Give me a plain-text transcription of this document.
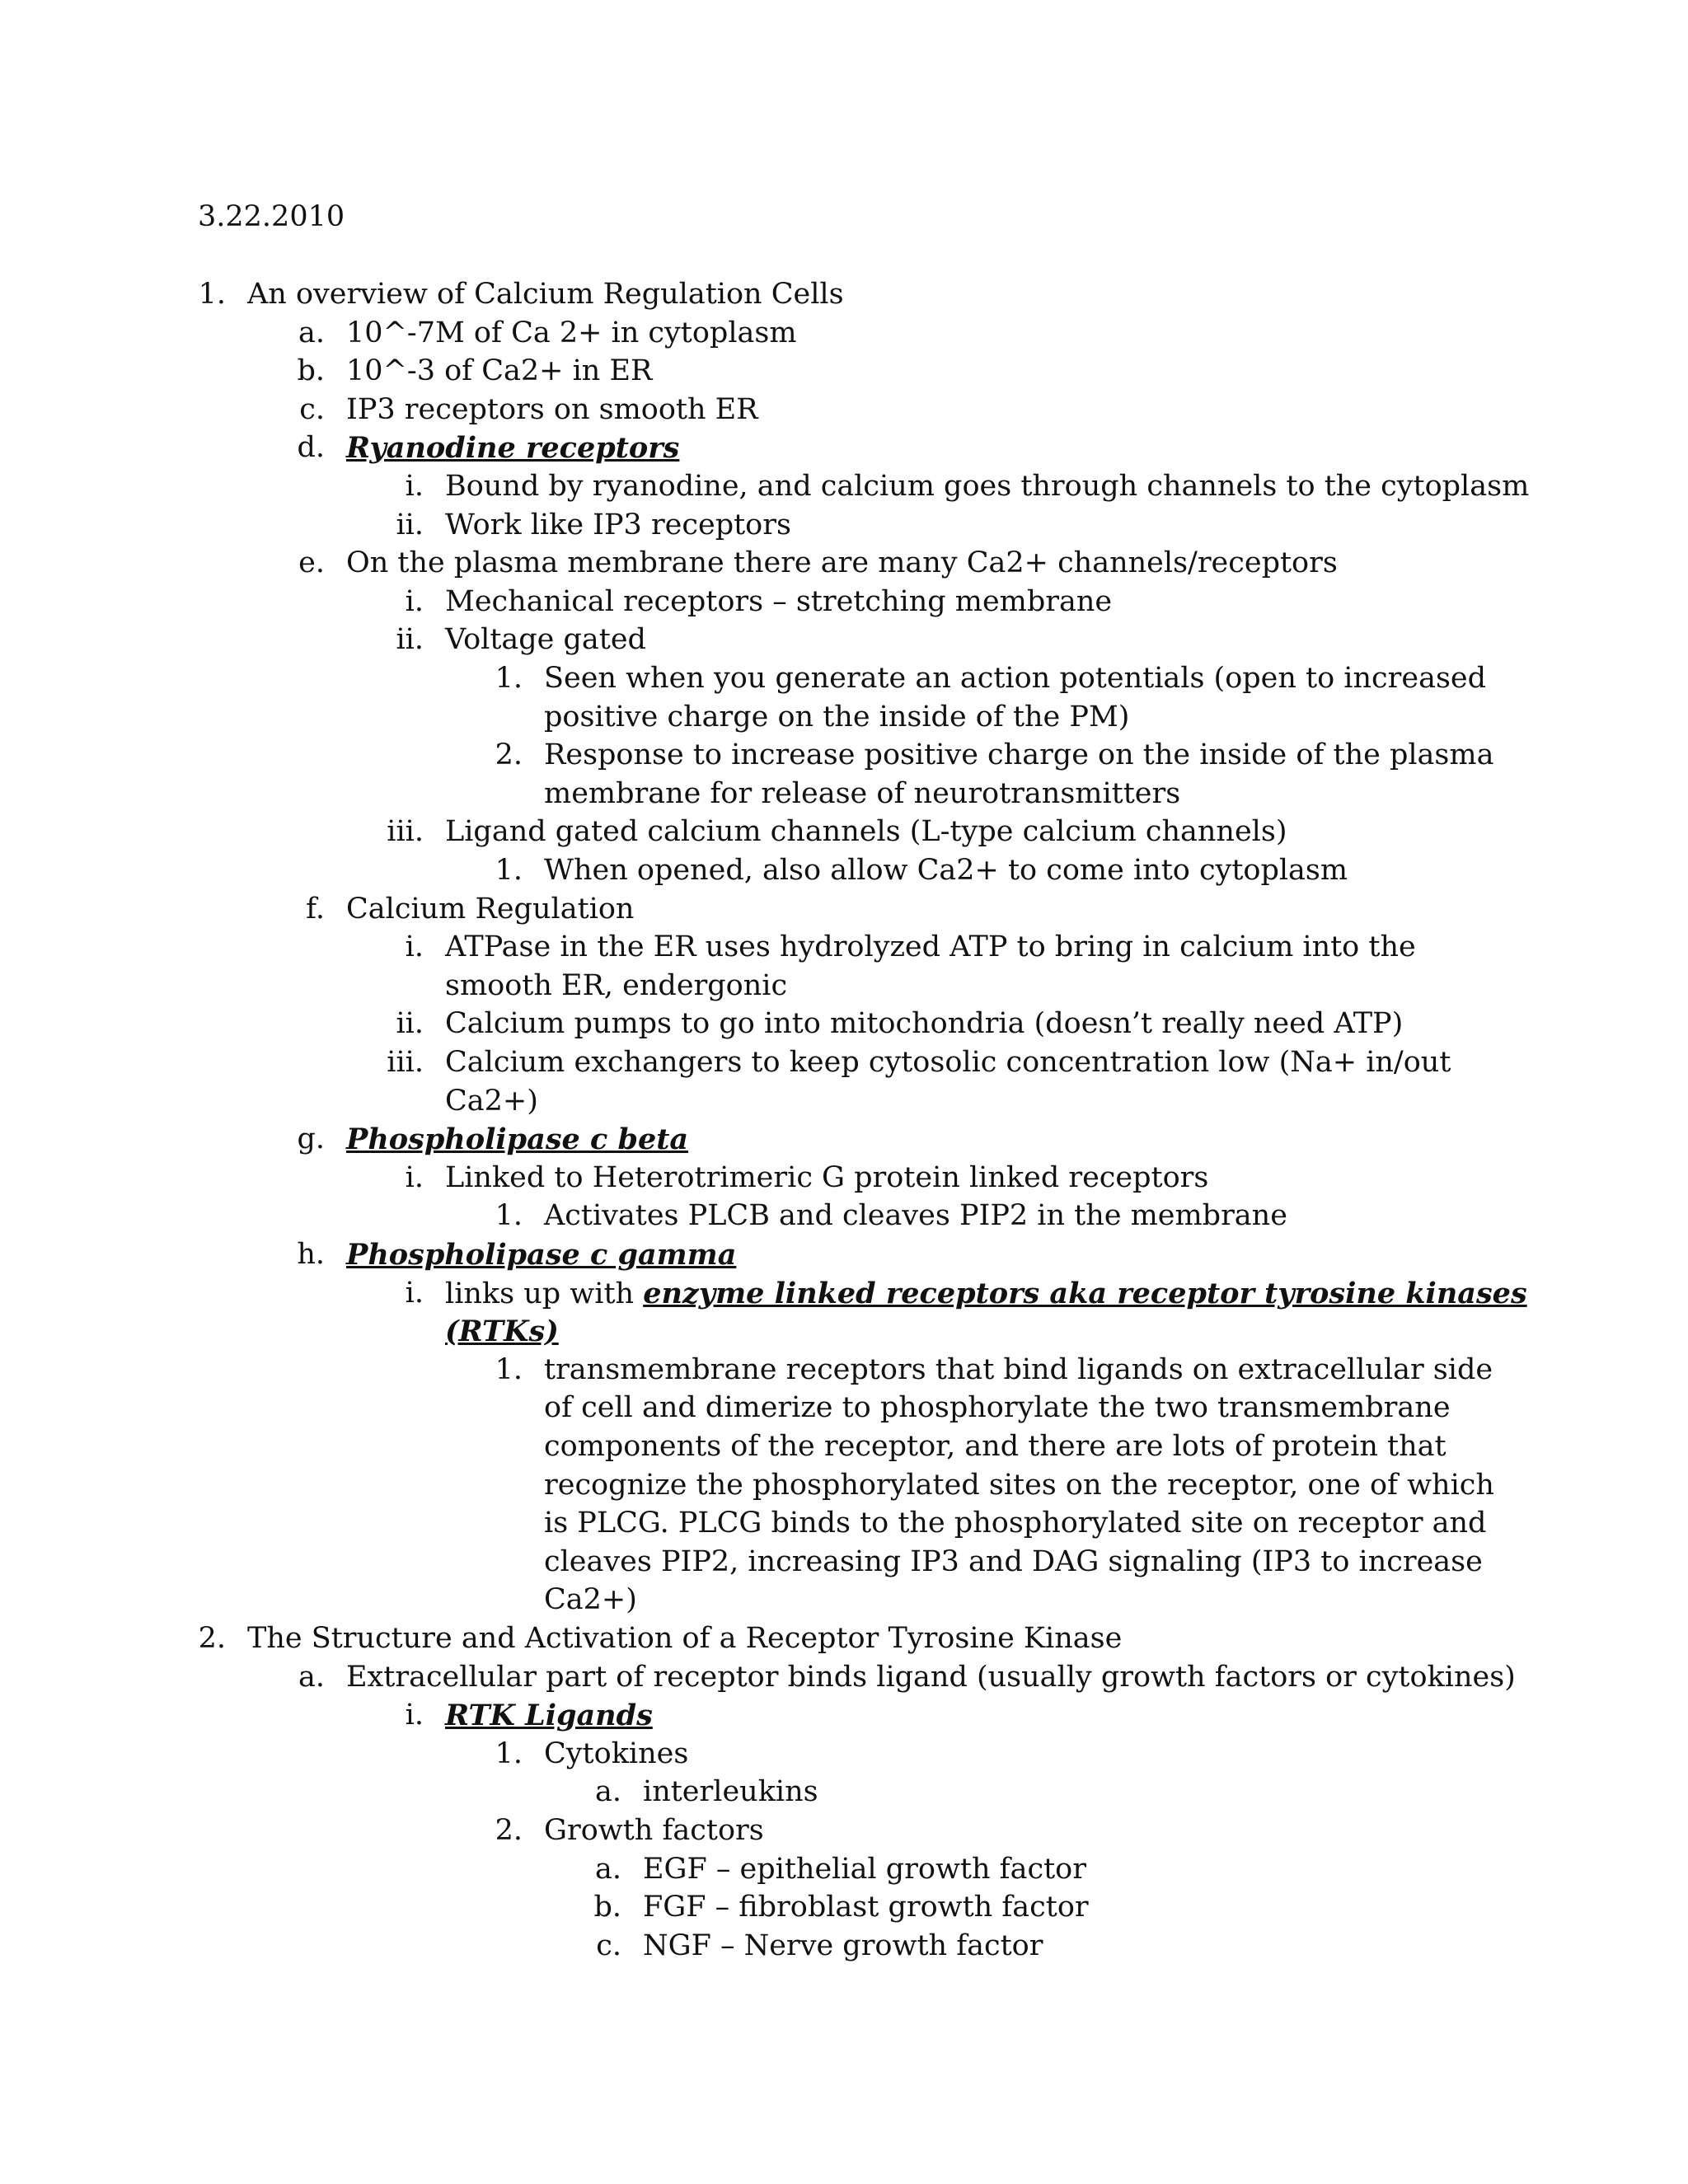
3.22.2010
1. An overview of Calcium Regulation Cells
a. 10^-7M of Ca 2+ in cytoplasm
b. 10^-3 of Ca2+ in ER
c. IP3 receptors on smooth ER
d. Ryanodine receptors
i. Bound by ryanodine, and calcium goes through channels to the cytoplasm
ii. Work like IP3 receptors
e. On the plasma membrane there are many Ca2+ channels/receptors
i. Mechanical receptors – stretching membrane
ii. Voltage gated
1. Seen when you generate an action potentials (open to increased
positive charge on the inside of the PM)
2. Response to increase positive charge on the inside of the plasma
membrane for release of neurotransmitters
iii. Ligand gated calcium channels (L-type calcium channels)
1. When opened, also allow Ca2+ to come into cytoplasm
f. Calcium Regulation
i. ATPase in the ER uses hydrolyzed ATP to bring in calcium into the
smooth ER, endergonic
ii. Calcium pumps to go into mitochondria (doesn’t really need ATP)
iii. Calcium exchangers to keep cytosolic concentration low (Na+ in/out
Ca2+)
g. Phospholipase c beta
i. Linked to Heterotrimeric G protein linked receptors
1. Activates PLCB and cleaves PIP2 in the membrane
h. Phospholipase c gamma
i. links up with enzyme linked receptors aka receptor tyrosine kinases
(RTKs)
1. transmembrane receptors that bind ligands on extracellular side
of cell and dimerize to phosphorylate the two transmembrane
components of the receptor, and there are lots of protein that
recognize the phosphorylated sites on the receptor, one of which
is PLCG. PLCG binds to the phosphorylated site on receptor and
cleaves PIP2, increasing IP3 and DAG signaling (IP3 to increase
Ca2+)
2. The Structure and Activation of a Receptor Tyrosine Kinase
a. Extracellular part of receptor binds ligand (usually growth factors or cytokines)
i. RTK Ligands
1. Cytokines
a. interleukins
2. Growth factors
a. EGF – epithelial growth factor
b. FGF – fibroblast growth factor
c. NGF – Nerve growth factor
